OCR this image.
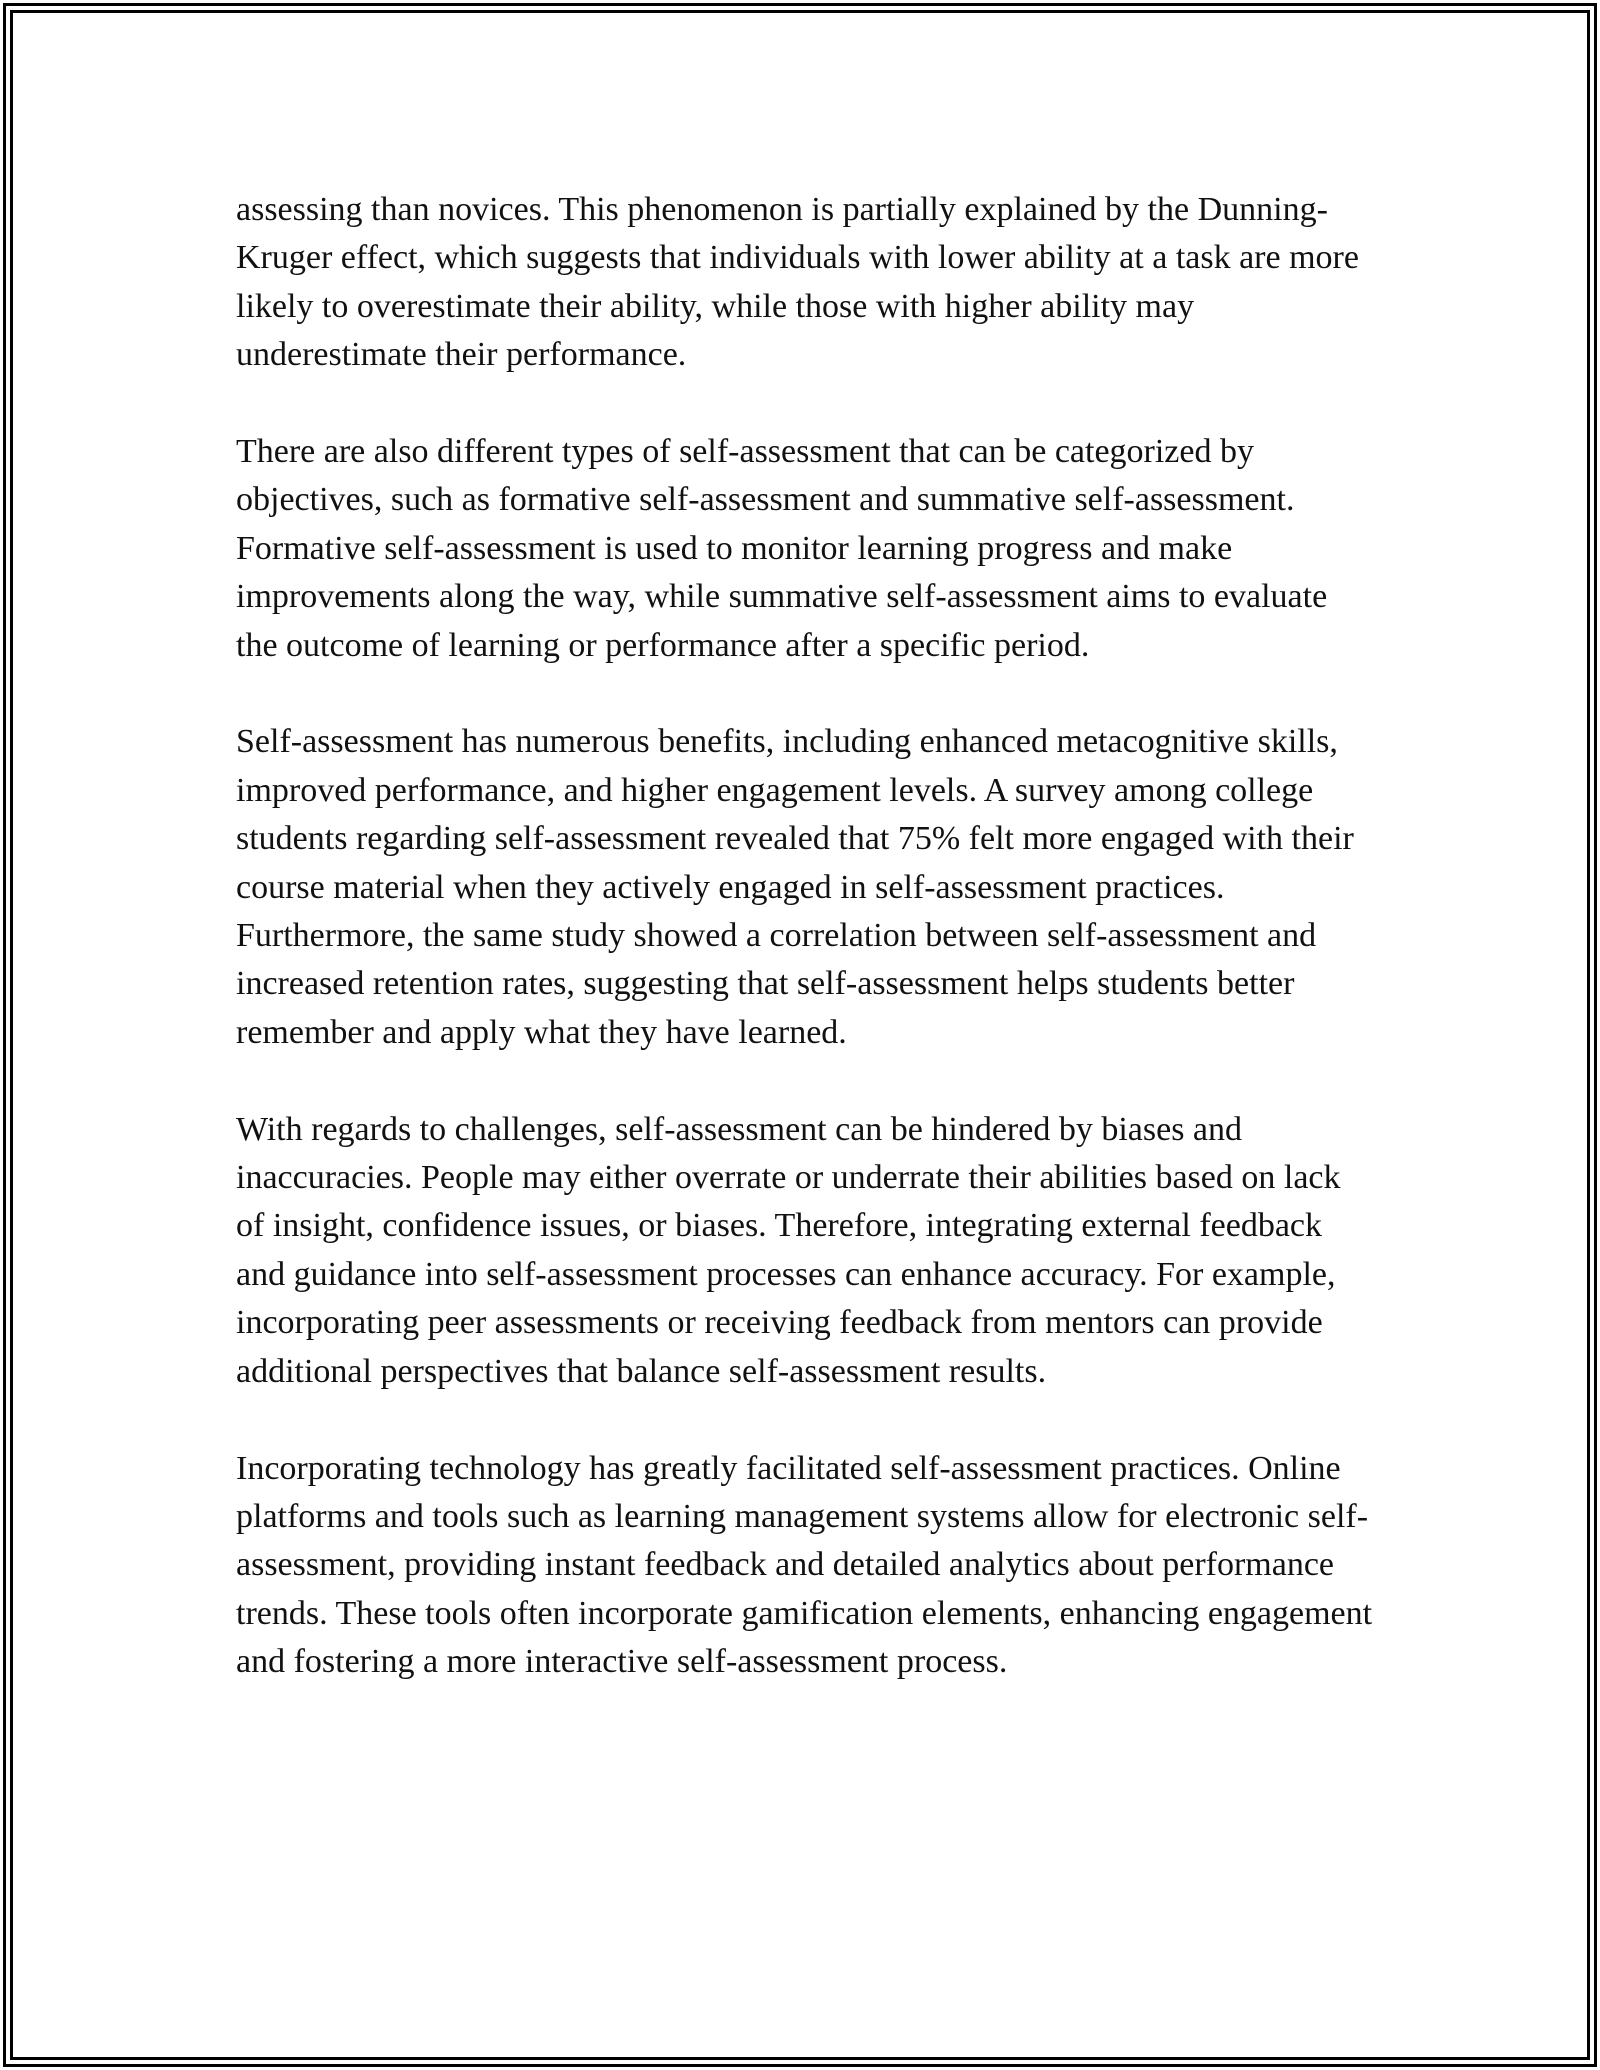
assessing than novices. This phenomenon is partially explained by the Dunning-Kruger effect, which suggests that individuals with lower ability at a task are more likely to overestimate their ability, while those with higher ability may underestimate their performance.

There are also different types of self-assessment that can be categorized by objectives, such as formative self-assessment and summative self-assessment. Formative self-assessment is used to monitor learning progress and make improvements along the way, while summative self-assessment aims to evaluate the outcome of learning or performance after a specific period.

Self-assessment has numerous benefits, including enhanced metacognitive skills, improved performance, and higher engagement levels. A survey among college students regarding self-assessment revealed that 75% felt more engaged with their course material when they actively engaged in self-assessment practices. Furthermore, the same study showed a correlation between self-assessment and increased retention rates, suggesting that self-assessment helps students better remember and apply what they have learned.

With regards to challenges, self-assessment can be hindered by biases and inaccuracies. People may either overrate or underrate their abilities based on lack of insight, confidence issues, or biases. Therefore, integrating external feedback and guidance into self-assessment processes can enhance accuracy. For example, incorporating peer assessments or receiving feedback from mentors can provide additional perspectives that balance self-assessment results.

Incorporating technology has greatly facilitated self-assessment practices. Online platforms and tools such as learning management systems allow for electronic self-assessment, providing instant feedback and detailed analytics about performance trends. These tools often incorporate gamification elements, enhancing engagement and fostering a more interactive self-assessment process.
